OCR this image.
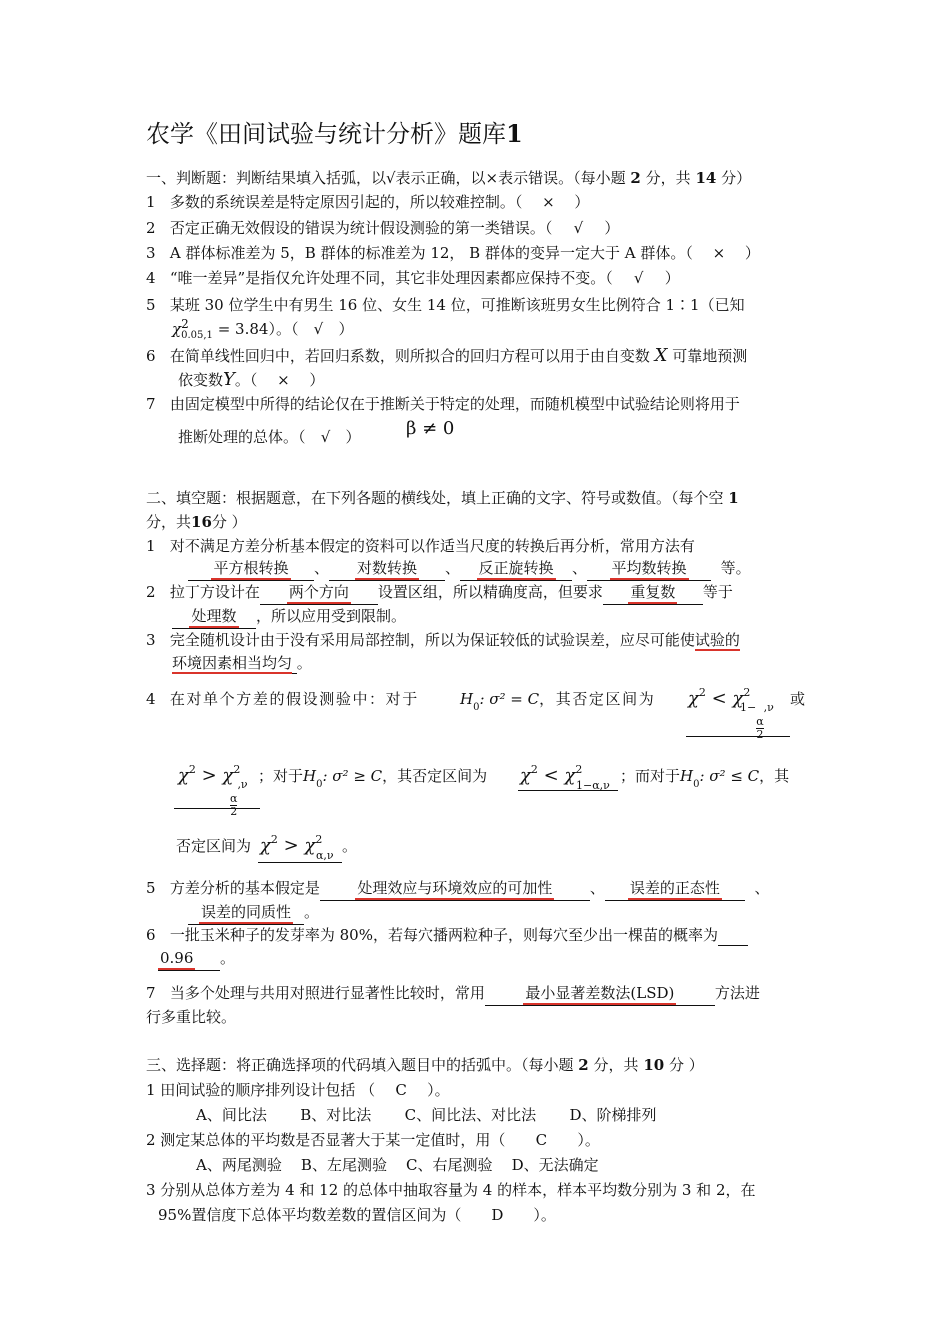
农学《田间试验与统计分析》题库1
一、判断题：判断结果填入括弧，以√表示正确，以×表示错误。（每小题 2 分，共 14 分）
1 多数的系统误差是特定原因引起的，所以较难控制。（ × ）
2 否定正确无效假设的错误为统计假设测验的第一类错误。（ √ ）
3 A 群体标准差为 5，B 群体的标准差为 12， B 群体的变异一定大于 A 群体。（ × ）
4 “唯一差异”是指仅允许处理不同，其它非处理因素都应保持不变。（ √ ）
5 某班 30 位学生中有男生 16 位、女生 14 位，可推断该班男女生比例符合 1∶1（已知
χ 2
0.05,1 = 3.84）。（ √ ）
6 在简单线性回归中，若回归系数，则所拟合的回归方程可以用于由自变数 X 可靠地预测
依变数Y。（ × ）
7 由固定模型中所得的结论仅在于推断关于特定的处理，而随机模型中试验结论则将用于
推断处理的总体。（ √ ）	β ≠ 0
二、填空题：根据题意，在下列各题的横线处，填上正确的文字、符号或数值。（每个空 1
分，共16分 ）
1 对不满足方差分析基本假定的资料可以作适当尺度的转换后再分析，常用方法有
平方根转换 、 对数转换 、 反正旋转换 、 平均数转换 等。
2 拉丁方设计在 两个方向 设置区组，所以精确度高，但要求 重复数 等于
处理数 ，所以应用受到限制。
3 完全随机设计由于没有采用局部控制，所以为保证较低的试验误差，应尽可能使试验的
环境因素相当均匀 。
4 在对单个方差的假设测验中：对于	$H_0$: σ² = C，其否定区间为 $\chi^2 < \chi^2$
1−
$\frac{\alpha}{2}$
,ν 或
$\chi^2 > \chi^2$
$\frac{\alpha}{2}$
,ν ；对于$H_0$: σ² ≥ C，其否定区间为 $\chi^2 < \chi^2$
1−α,ν
；而对于$H_0$: σ² ≤ C，其
否定区间为 $\chi^2 > \chi^2$
α,ν
。
5 方差分析的基本假定是 处理效应与环境效应的可加性	、 误差的正态性 、
误差的同质性 。
6 一批玉米种子的发芽率为 80%，若每穴播两粒种子，则每穴至少出一棵苗的概率为
0.96 。
7 当多个处理与共用对照进行显著性比较时，常用	最小显著差数法(LSD)	方法进
行多重比较。
三、选择题：将正确选择项的代码填入题目中的括弧中。（每小题 2 分，共 10 分 ）
1 田间试验的顺序排列设计包括 （ C ）。
A、间比法 B、对比法 C、间比法、对比法 D、阶梯排列
2 测定某总体的平均数是否显著大于某一定值时，用（ C ）。
A、两尾测验 B、左尾测验 C、右尾测验 D、无法确定
3 分别从总体方差为 4 和 12 的总体中抽取容量为 4 的样本，样本平均数分别为 3 和 2，在
95%置信度下总体平均数差数的置信区间为（ D ）。
